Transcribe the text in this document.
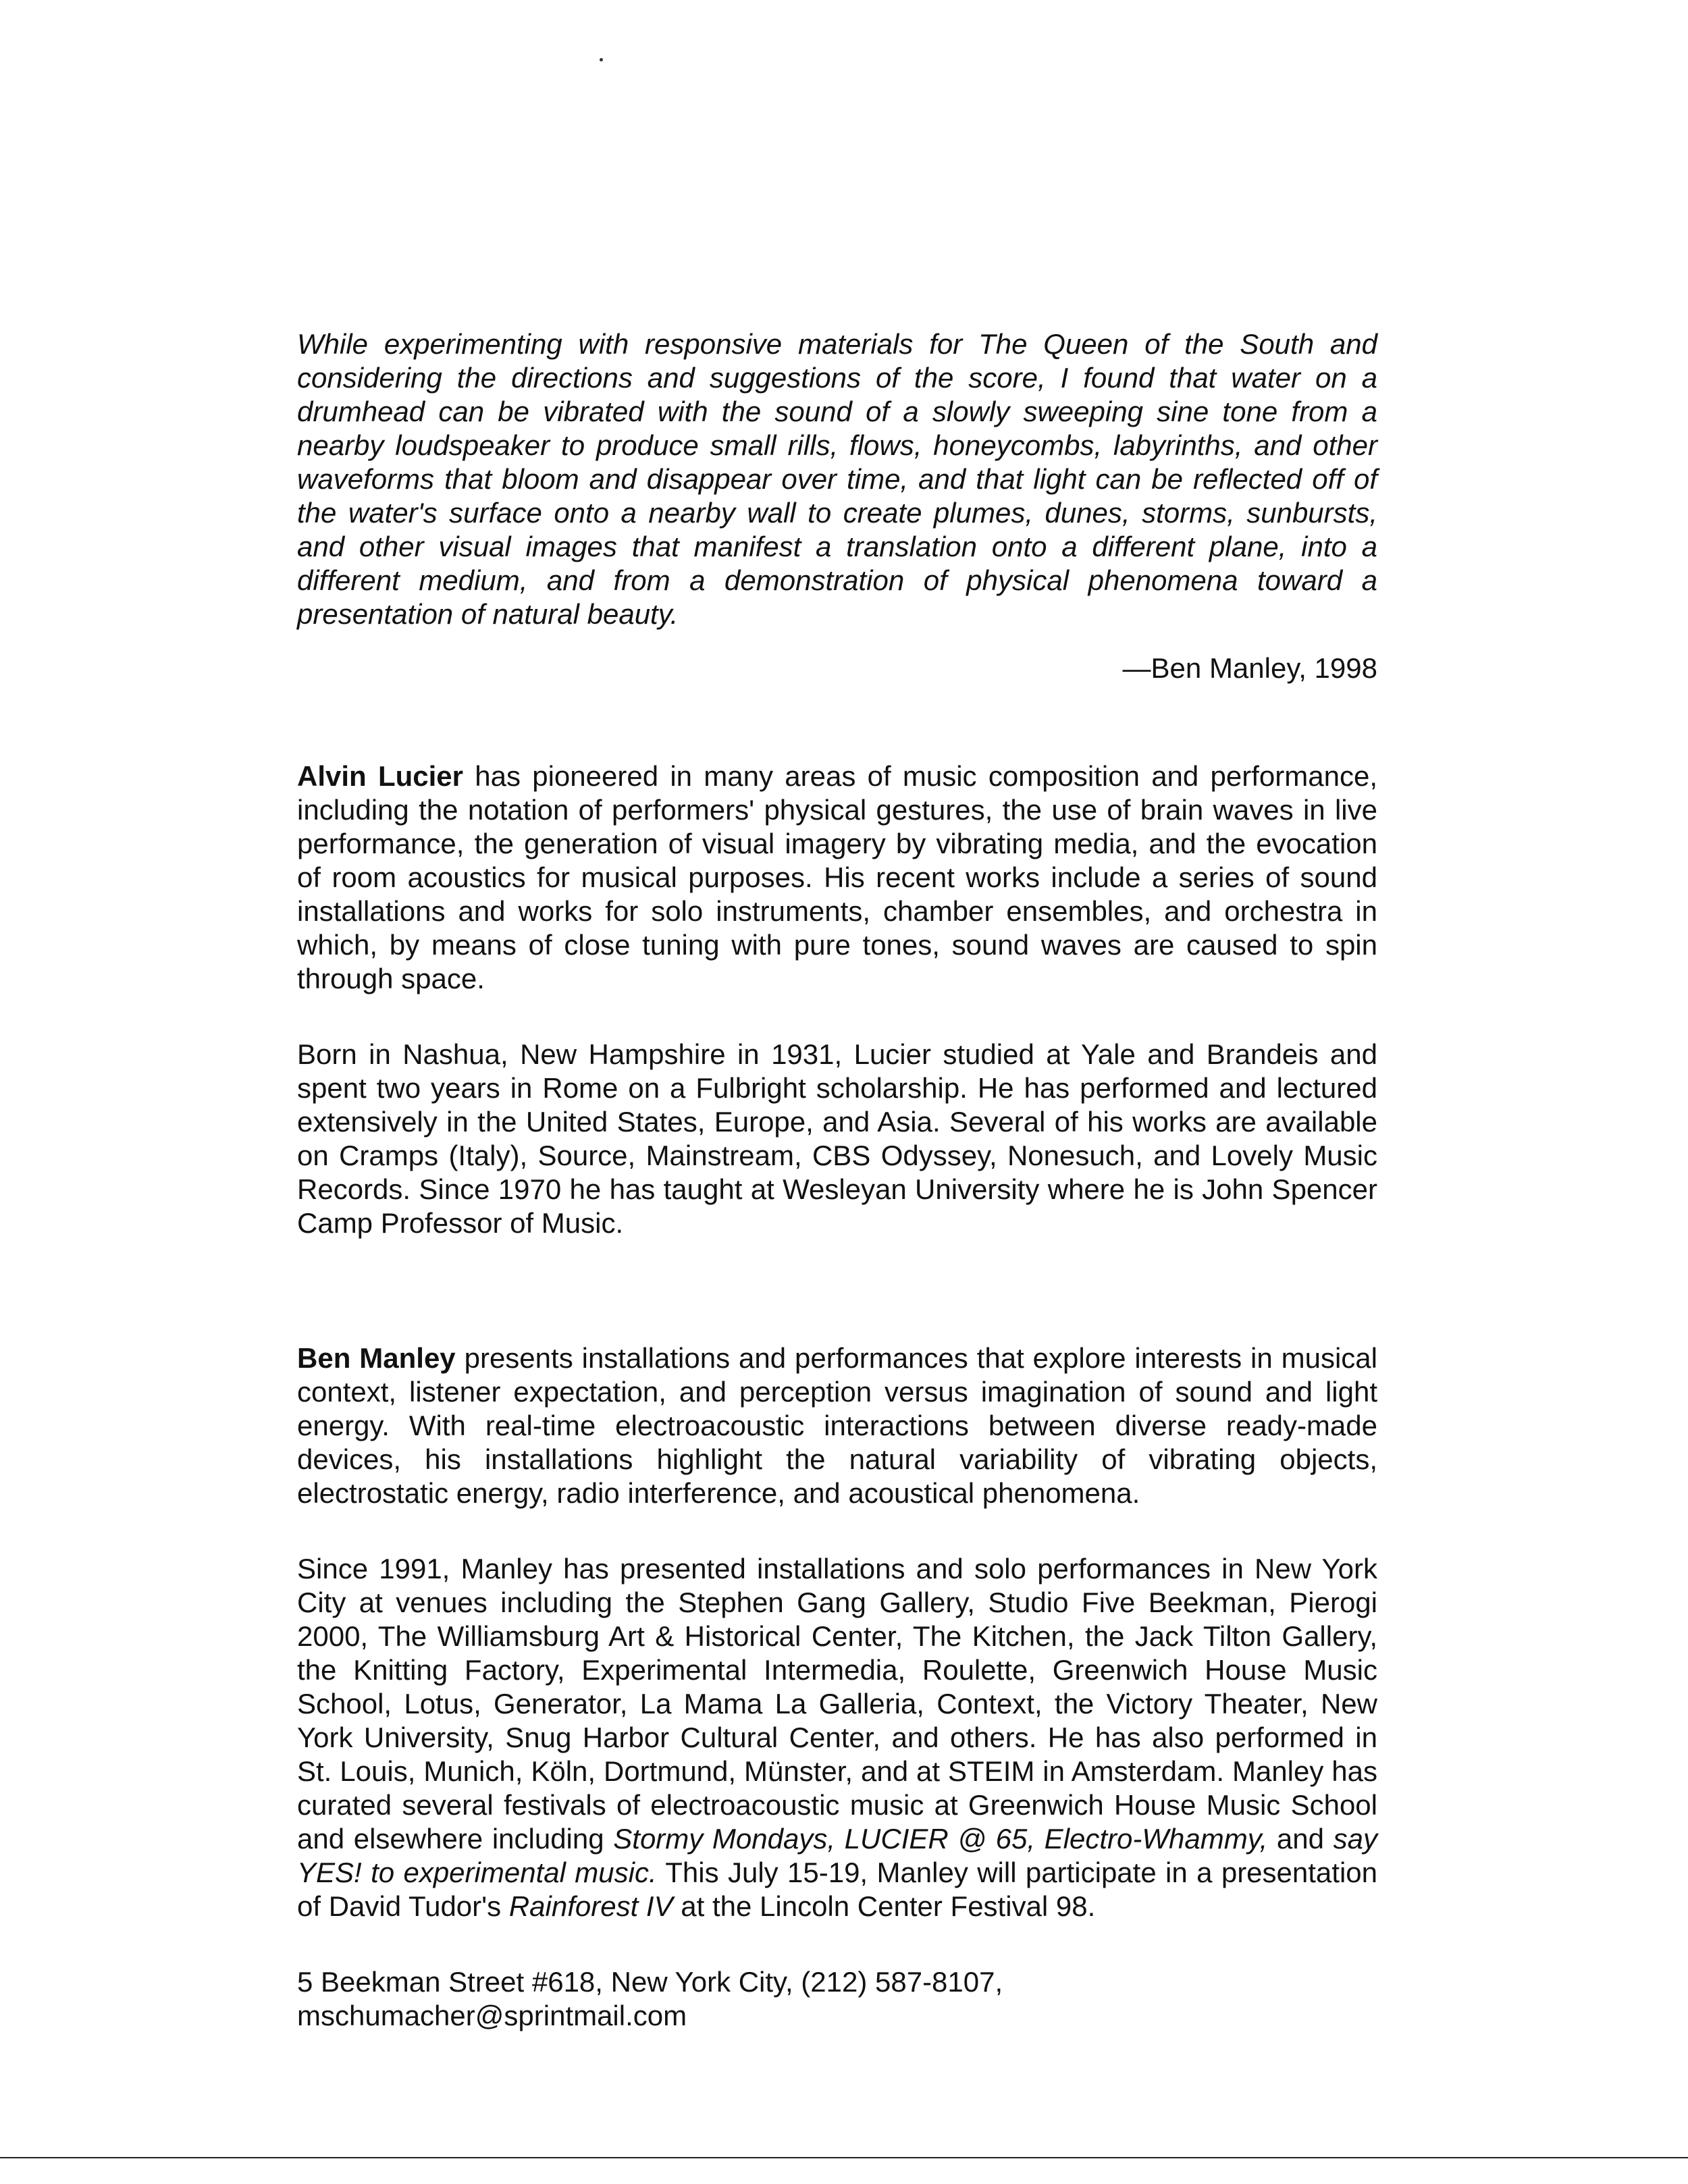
While experimenting with responsive materials for The Queen of the South and considering the directions and suggestions of the score, I found that water on a drumhead can be vibrated with the sound of a slowly sweeping sine tone from a nearby loudspeaker to produce small rills, flows, honeycombs, labyrinths, and other waveforms that bloom and disappear over time, and that light can be reflected off of the water's surface onto a nearby wall to create plumes, dunes, storms, sunbursts, and other visual images that manifest a translation onto a different plane, into a different medium, and from a demonstration of physical phenomena toward a presentation of natural beauty.

—Ben Manley, 1998

Alvin Lucier has pioneered in many areas of music composition and performance, including the notation of performers' physical gestures, the use of brain waves in live performance, the generation of visual imagery by vibrating media, and the evocation of room acoustics for musical purposes. His recent works include a series of sound installations and works for solo instruments, chamber ensembles, and orchestra in which, by means of close tuning with pure tones, sound waves are caused to spin through space.

Born in Nashua, New Hampshire in 1931, Lucier studied at Yale and Brandeis and spent two years in Rome on a Fulbright scholarship. He has performed and lectured extensively in the United States, Europe, and Asia. Several of his works are available on Cramps (Italy), Source, Mainstream, CBS Odyssey, Nonesuch, and Lovely Music Records. Since 1970 he has taught at Wesleyan University where he is John Spencer Camp Professor of Music.

Ben Manley presents installations and performances that explore interests in musical context, listener expectation, and perception versus imagination of sound and light energy. With real-time electroacoustic interactions between diverse ready-made devices, his installations highlight the natural variability of vibrating objects, electrostatic energy, radio interference, and acoustical phenomena.

Since 1991, Manley has presented installations and solo performances in New York City at venues including the Stephen Gang Gallery, Studio Five Beekman, Pierogi 2000, The Williamsburg Art & Historical Center, The Kitchen, the Jack Tilton Gallery, the Knitting Factory, Experimental Intermedia, Roulette, Greenwich House Music School, Lotus, Generator, La Mama La Galleria, Context, the Victory Theater, New York University, Snug Harbor Cultural Center, and others. He has also performed in St. Louis, Munich, Köln, Dortmund, Münster, and at STEIM in Amsterdam. Manley has curated several festivals of electroacoustic music at Greenwich House Music School and elsewhere including Stormy Mondays, LUCIER @ 65, Electro-Whammy, and say YES! to experimental music. This July 15-19, Manley will participate in a presentation of David Tudor's Rainforest IV at the Lincoln Center Festival 98.

5 Beekman Street #618, New York City, (212) 587-8107, mschumacher@sprintmail.com
